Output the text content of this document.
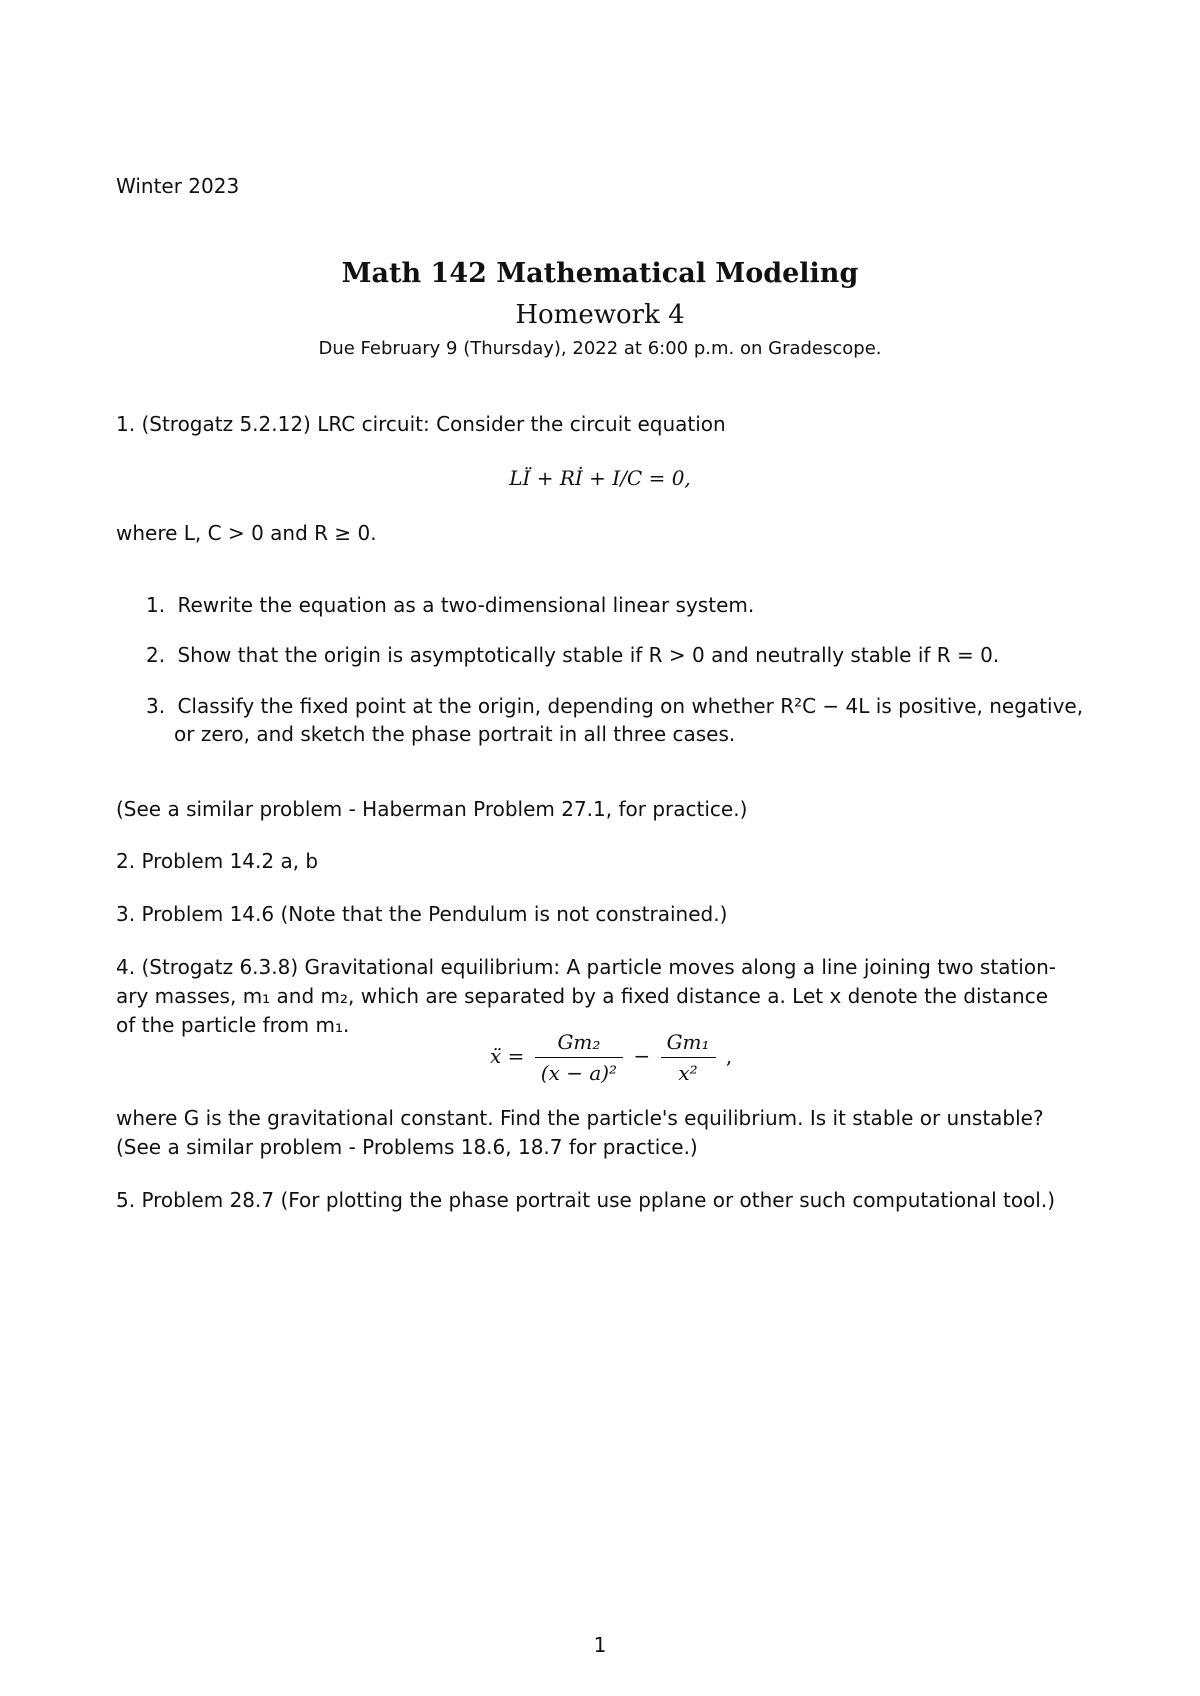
Winter 2023
Math 142 Mathematical Modeling
Homework 4
Due February 9 (Thursday), 2022 at 6:00 p.m. on Gradescope.
1. (Strogatz 5.2.12) LRC circuit: Consider the circuit equation
LÏ + Rİ + I/C = 0,
where L, C > 0 and R ≥ 0.
1. Rewrite the equation as a two-dimensional linear system.
2. Show that the origin is asymptotically stable if R > 0 and neutrally stable if R = 0.
3. Classify the fixed point at the origin, depending on whether R²C − 4L is positive, negative,
or zero, and sketch the phase portrait in all three cases.
(See a similar problem - Haberman Problem 27.1, for practice.)
2. Problem 14.2 a, b
3. Problem 14.6 (Note that the Pendulum is not constrained.)
4. (Strogatz 6.3.8) Gravitational equilibrium: A particle moves along a line joining two station-
ary masses, m₁ and m₂, which are separated by a fixed distance a. Let x denote the distance
of the particle from m₁.
ẍ = $\frac{\text{Gm₂}}{\text{(x − a)²}} - \frac{\text{Gm₁}}{\text{x²}}$ ,
where G is the gravitational constant. Find the particle's equilibrium. Is it stable or unstable?
(See a similar problem - Problems 18.6, 18.7 for practice.)
5. Problem 28.7 (For plotting the phase portrait use pplane or other such computational tool.)
1
